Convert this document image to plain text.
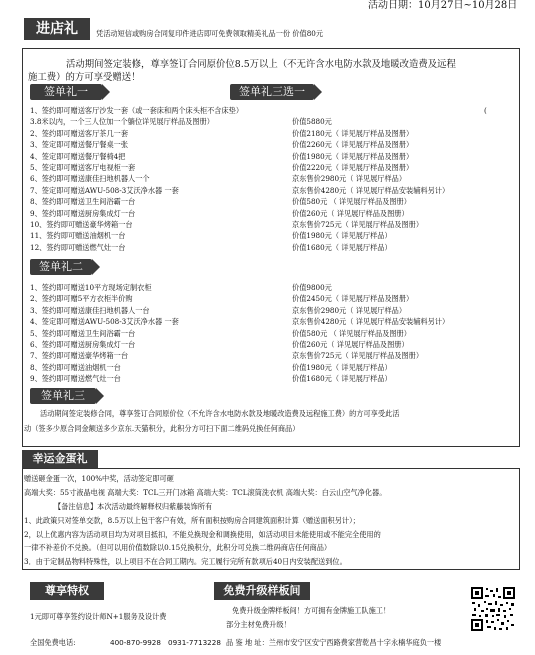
活动日期：10月27日~10月28日
进店礼	凭活动短信或购房合同复印件进店即可免费领取精美礼品一份 价值80元
活动期间签定装修，尊享签订合同原价位8.5万以上（不无许含水电防水款及地暖改造费及远程
施工费）的方可享受赠送！
签单礼一	签单礼三选一
(
1、签约即可赠送客厅沙发一套（或一套床和两个床头柜不含床垫）
3.8米以内，一个三人位加一个躺位详见展厅样品及图册）	价值5880元
2、签约即可赠送客厅茶几一套	价值2180元（ 详见展厅样品及图册）
3、签定即可赠送餐厅餐桌一张	价值2260元（ 详见展厅样品及图册）
4、签定即可赠送餐厅餐椅4把	价值1980元（ 详见展厅样品及图册）
5、签定即可赠送客厅电视柜一套	价值2220元（ 详见展厅样品及图册）
6、签约即可赠送康佳扫地机器人一个	京东售价2980元（ 详见展厅样品）
7、签定即可赠送AWU-508-3艾沃净水器 一套	京东售价4280元（ 详见展厅样品安装辅料另计）
8、签约即可赠送卫生间浴霸一台	价值580元 （ 详见展厅样品及图册）
9、签约即可赠送厨房集成灯一台	价值260元（ 详见展厅样品及图册）
10、签约即可赠送豪华烤箱一台	京东售价725元（ 详见展厅样品及图册）
11、签约即可赠送油烟机一台	价值1980元（ 详见展厅样品）
12、签约即可赠送燃气灶一台	价值1680元（ 详见展厅样品）
签单礼二
1、签约即可赠送10平方现场定制衣柜	价值9800元
2、签约即可赠5平方衣柜半价购	价值2450元（ 详见展厅样品及图册）
3、签约即可赠送康佳扫地机器人一台	京东售价2980元（ 详见展厅样品）
4、签定即可赠送AWU-508-3艾沃净水器 一套	京东售价4280元（ 详见展厅样品安装辅料另计）
5、签约即可赠送卫生间浴霸一台	价值580元 （ 详见展厅样品及图册）
6、签约即可赠送厨房集成灯一台	价值260元（ 详见展厅样品及图册）
7、签约即可赠送豪华烤箱一台	京东售价725元（ 详见展厅样品及图册）
8、签约即可赠送油烟机一台	价值1980元（ 详见展厅样品）
9、签约即可赠送燃气灶一台	价值1680元（ 详见展厅样品）
签单礼三
活动期间签定装修合同，尊享签订合同原价位（不允许含水电防水款及地暖改造费及远程施工费）的方可享受此活
动（签多少原合同金额送多少京东.天猫积分，此积分方可扫下面二维码兑换任何商品）
幸运金蛋礼
赠送砸金蛋一次，100%中奖，活动签定即可砸
高端大奖：55寸液晶电视 高端大奖：TCL三开门冰箱 高端大奖：TCL滚筒洗衣机 高端大奖：白云山空气净化器。
【备注信息】本次活动最终解释权归紫藤装饰所有
1、此政策只对签单交款，8.5万以上包干客户有效，所有面积按购房合同建筑面积计算（赠送面积另计）；
2，以上优惠内容为活动项目均为对项目抵扣，不能兑换现金和调换使用，如活动项目未能使用或不能完全使用的
一律不补差价不兑换。（但可以用价值数除以0.15兑换积分，此积分可兑换二维码商店任何商品）
3．由于定制品物料特殊性，以上项目不在合同工期内。完工履行完所有款项后40日内安装配送到位。
尊享特权
1元即可尊享签约设计师N+1服务及设计费
免费升级样板间
免费升级金牌样板间！方可拥有金牌施工队施工！
部分主材免费升级！
全国免费电话:	400-870-9928 0931-7713228 品 鉴 地 址：兰州市安宁区安宁西路费家营乾昌十字永楠华庭负一楼
